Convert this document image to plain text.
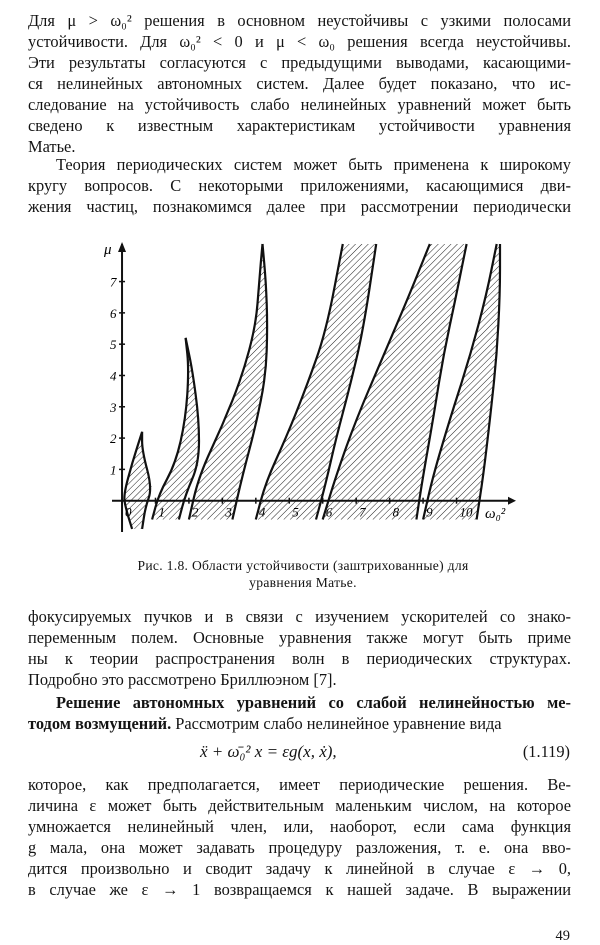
Для μ > ω₀² решения в основном неустойчивы с узкими полосами
устойчивости. Для ω₀² < 0 и μ < ω₀ решения всегда неустойчивы.
Эти результаты согласуются с предыдущими выводами, касающими-
ся нелинейных автономных систем. Далее будет показано, что ис-
следование на устойчивость слабо нелинейных уравнений может быть
сведено к известным характеристикам устойчивости уравнения
Матье.
Теория периодических систем может быть применена к широкому
кругу вопросов. С некоторыми приложениями, касающимися дви-
жения частиц, познакомимся далее при рассмотрении периодически
0 1 2 3 4 5 6 7 8 9 10
1
2
3
4
5
6
7
ω₀²
μ
Рис. 1.8. Области устойчивости (заштрихованные) для
уравнения Матье.
фокусируемых пучков и в связи с изучением ускорителей со знако-
переменным полем. Основные уравнения также могут быть приме
ны к теории распространения волн в периодических структурах.
Подробно это рассмотрено Бриллюэном [7].
Решение автономных уравнений со слабой нелинейностью ме-
тодом возмущений. Рассмотрим слабо нелинейное уравнение вида
ẍ + ω̄₀² x = εg(x, ẋ),	(1.119)
которое, как предполагается, имеет периодические решения. Ве-
личина ε может быть действительным маленьким числом, на которое
умножается нелинейный член, или, наоборот, если сама функция
g мала, она может задавать процедуру разложения, т. е. она вво-
дится произвольно и сводит задачу к линейной в случае ε → 0,
в случае же ε → 1 возвращаемся к нашей задаче. В выражении
49
